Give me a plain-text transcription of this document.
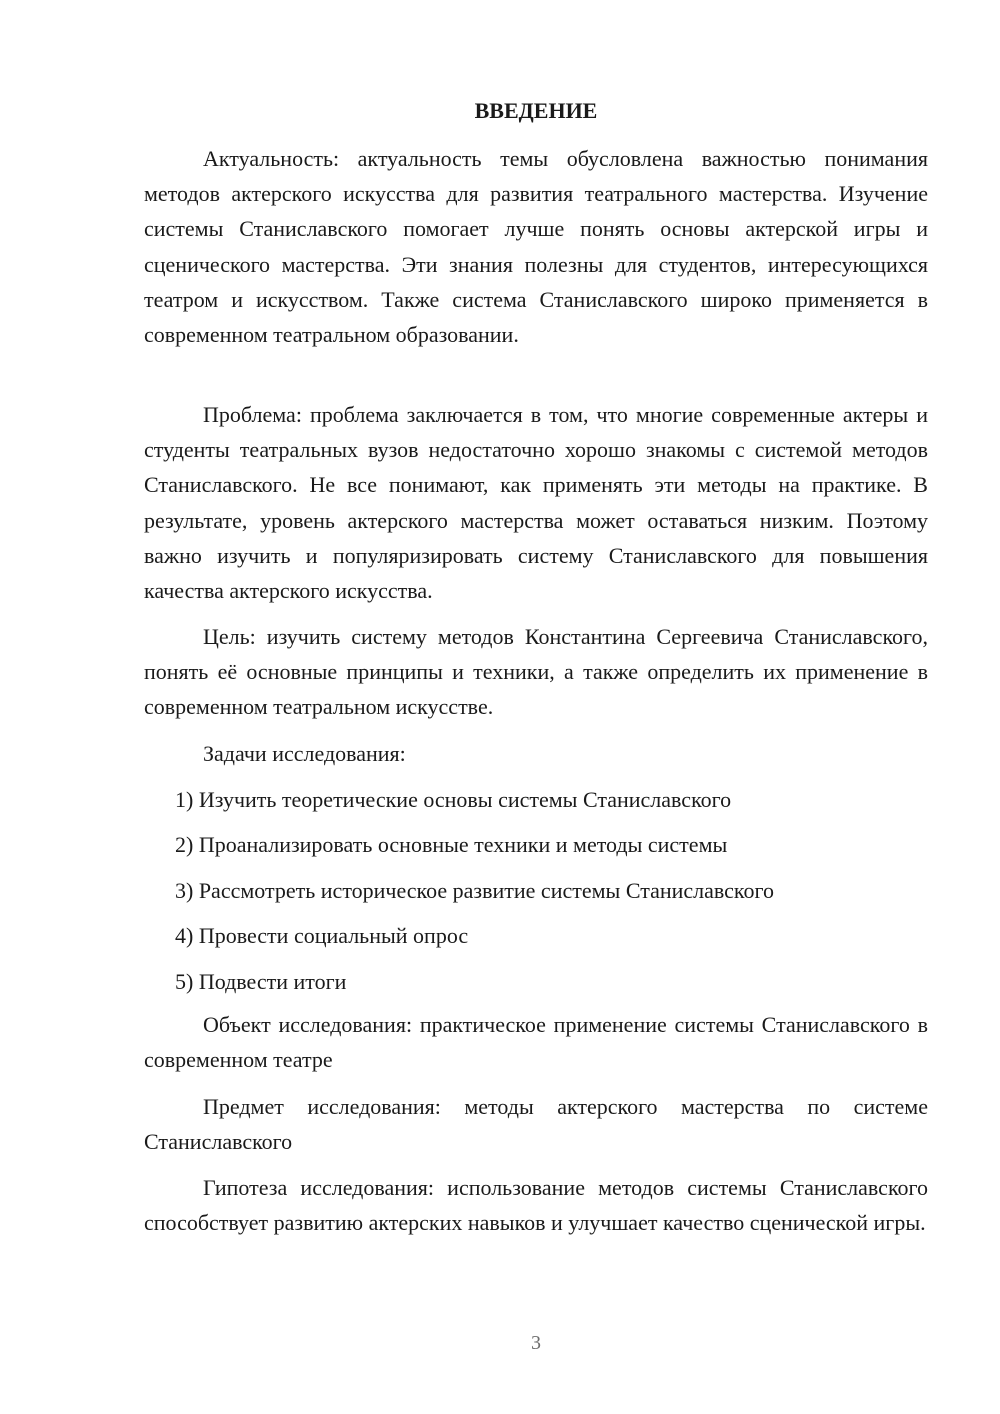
ВВЕДЕНИЕ

Актуальность: актуальность темы обусловлена важностью понимания методов актерского искусства для развития театрального мастерства. Изучение системы Станиславского помогает лучше понять основы актерской игры и сценического мастерства. Эти знания полезны для студентов, интересующихся театром и искусством. Также система Станиславского широко применяется в современном театральном образовании.

Проблема: проблема заключается в том, что многие современные актеры и студенты театральных вузов недостаточно хорошо знакомы с системой методов Станиславского. Не все понимают, как применять эти методы на практике. В результате, уровень актерского мастерства может оставаться низким. Поэтому важно изучить и популяризировать систему Станиславского для повышения качества актерского искусства.

Цель: изучить систему методов Константина Сергеевича Станиславского, понять её основные принципы и техники, а также определить их применение в современном театральном искусстве.

Задачи исследования:

1) Изучить теоретические основы системы Станиславского
2) Проанализировать основные техники и методы системы
3) Рассмотреть историческое развитие системы Станиславского
4) Провести социальный опрос
5) Подвести итоги

Объект исследования: практическое применение системы Станиславского в современном театре

Предмет исследования: методы актерского мастерства по системе Станиславского

Гипотеза исследования: использование методов системы Станиславского способствует развитию актерских навыков и улучшает качество сценической игры.

3
